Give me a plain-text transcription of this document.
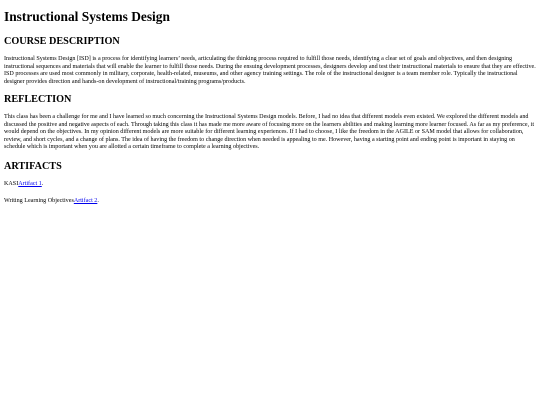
Instructional Systems Design
COURSE DESCRIPTION

Instructional Systems Design [ISD] is a process for identifying learners’ needs, articulating the thinking process required to fulfill those needs, identifying a clear set of goals and objectives, and then designing instructional sequences and materials that will enable the learner to fulfill those needs. During the ensuing development processes, designers develop and test their instructional materials to ensure that they are effective. ISD processes are used most commonly in military, corporate, health-related, museums, and other agency training settings. The role of the instructional designer is a team member role. Typically the instructional designer provides direction and hands-on development of instructional/training programs/products.

REFLECTION

This class has been a challenge for me and I have learned so much concerning the Instructional Systems Design models. Before, I had no idea that different models even existed. We explored the different models and discussed the positive and negative aspects of each. Through taking this class it has made me more aware of focusing more on the learners abilities and making learning more learner focused. As far as my preference, it would depend on the objectives. In my opinion different models are more suitable for different learning experiences. If I had to choose, I like the freedom in the AGILE or SAM model that allows for collaboration, review, and short cycles, and a change of plans. The idea of having the freedom to change direction when needed is appealing to me. However, having a starting point and ending point is important in staying on schedule which is important when you are allotted a certain timeframe to complete a learning objectives.

ARTIFACTS

KASIArtifact 1.

Writing Learning ObjectivesArtifact 2.
